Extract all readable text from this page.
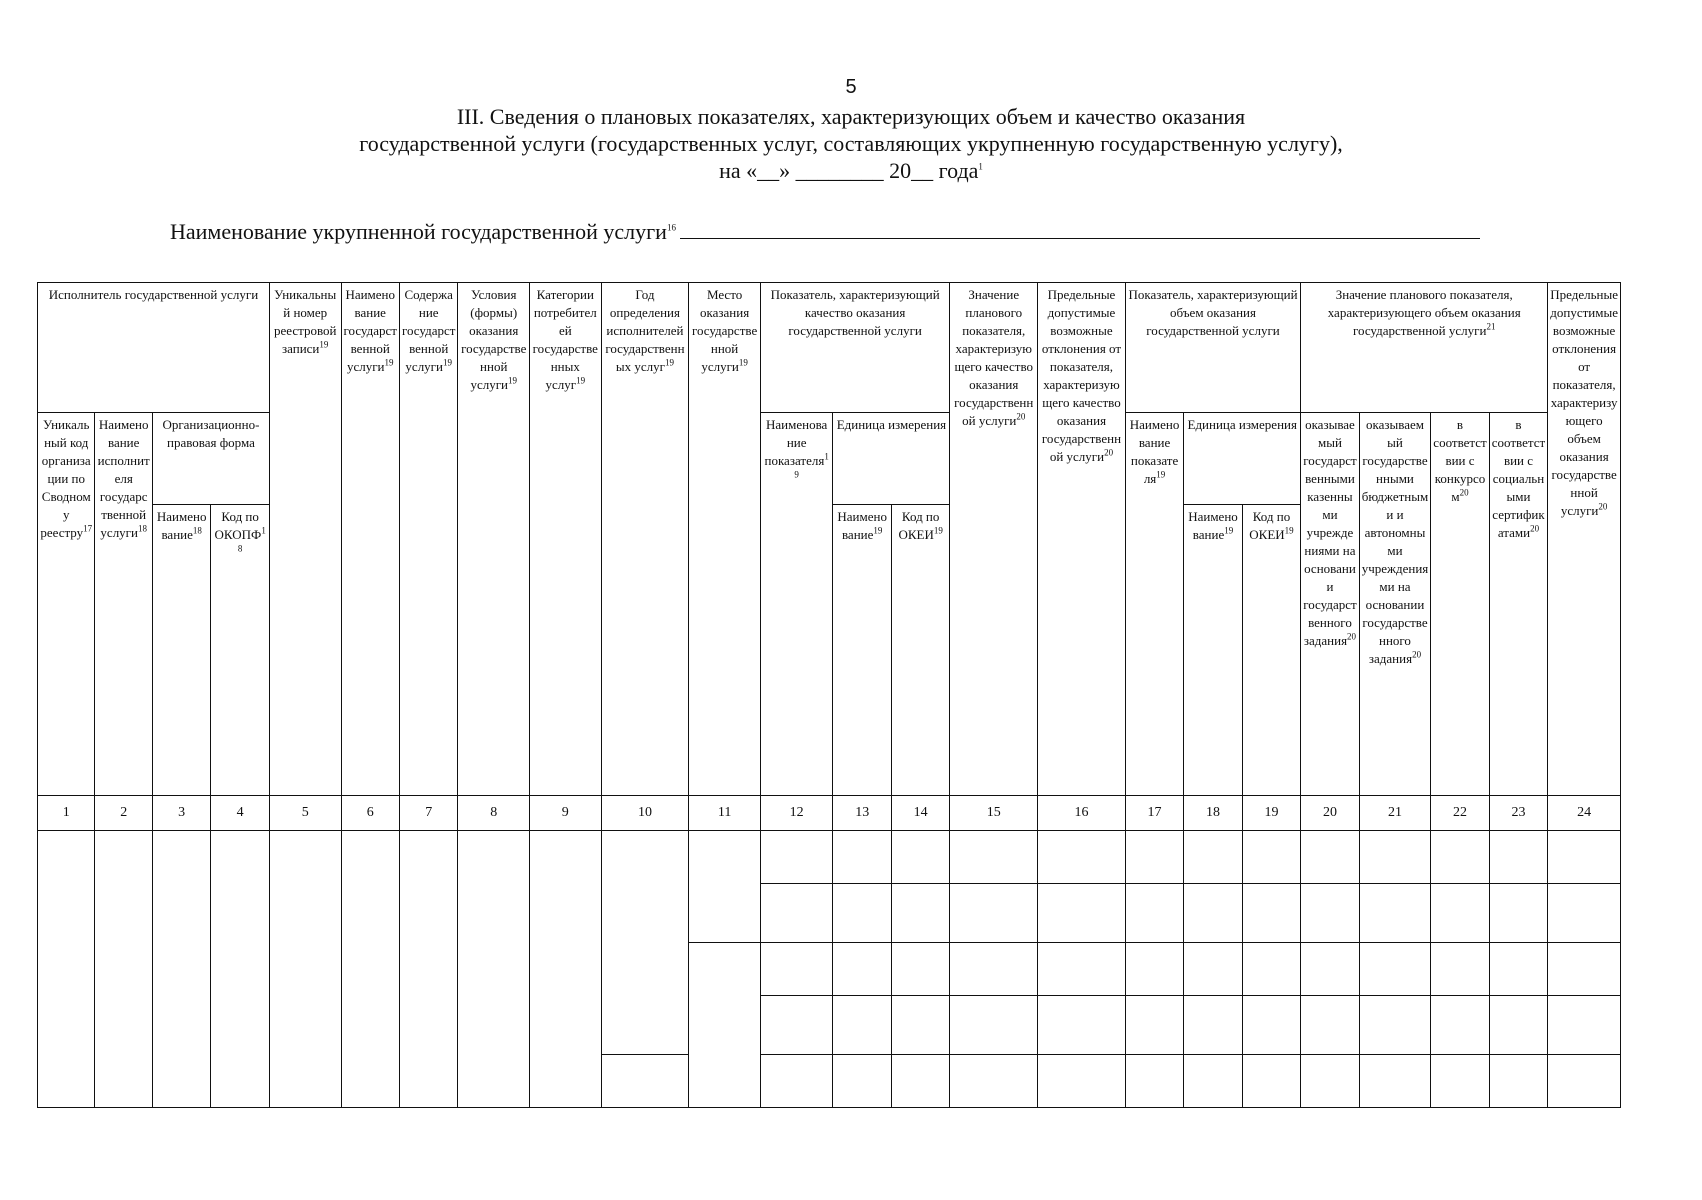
5
III. Сведения о плановых показателях, характеризующих объем и качество оказания
государственной услуги (государственных услуг, составляющих укрупненную государственную услугу),
на «__» ________ 20__ года$^1$
Наименование укрупненной государственной услуги$^{16}$
Исполнитель государственной услуги				Уникальный номер реестровой записи$^{19}$	Наименование государственной услуги$^{19}$	Содержание государственной услуги$^{19}$	Условия (формы) оказания государственной услуги$^{19}$	Категории потребителей государственных услуг$^{19}$	Год определения исполнителей государственных услуг$^{19}$	Место оказания государственной услуги$^{19}$	Показатель, характеризующий качество оказания государственной услуги			Значение планового показателя, характеризующего качество оказания государственной услуги$^{20}$	Предельные допустимые возможные отклонения от показателя, характеризующего качество оказания государственной услуги$^{20}$	Показатель, характеризующий объем оказания государственной услуги			Значение планового показателя, характеризующего объем оказания государственной услуги$^{21}$				Предельные допустимые возможные отклонения от показателя, характеризующего объем оказания государственной услуги$^{20}$
Уникальный код организации по Сводному реестру$^{17}$	Наименование исполнителя государственной услуги$^{18}$	Организационно-правовая форма									Наименование показателя$^{19}$	Единица измерения				Наименование показателя$^{19}$	Единица измерения		оказываемый государственными казенными учреждениями на основании государственного задания$^{20}$	оказываемый государственными бюджетными и автономными учреждениями на основании государственного задания$^{20}$	в соответствии с конкурсом$^{20}$	в соответствии с социальными сертификатами$^{20}$
		Наименование$^{18}$	Код по ОКОПФ$^{18}$									Наименование$^{19}$	Код по ОКЕИ$^{19}$				Наименование$^{19}$	Код по ОКЕИ$^{19}$
1	2	3	4	5	6	7	8	9	10	11	12	13	14	15	16	17	18	19	20	21	22	23	24
